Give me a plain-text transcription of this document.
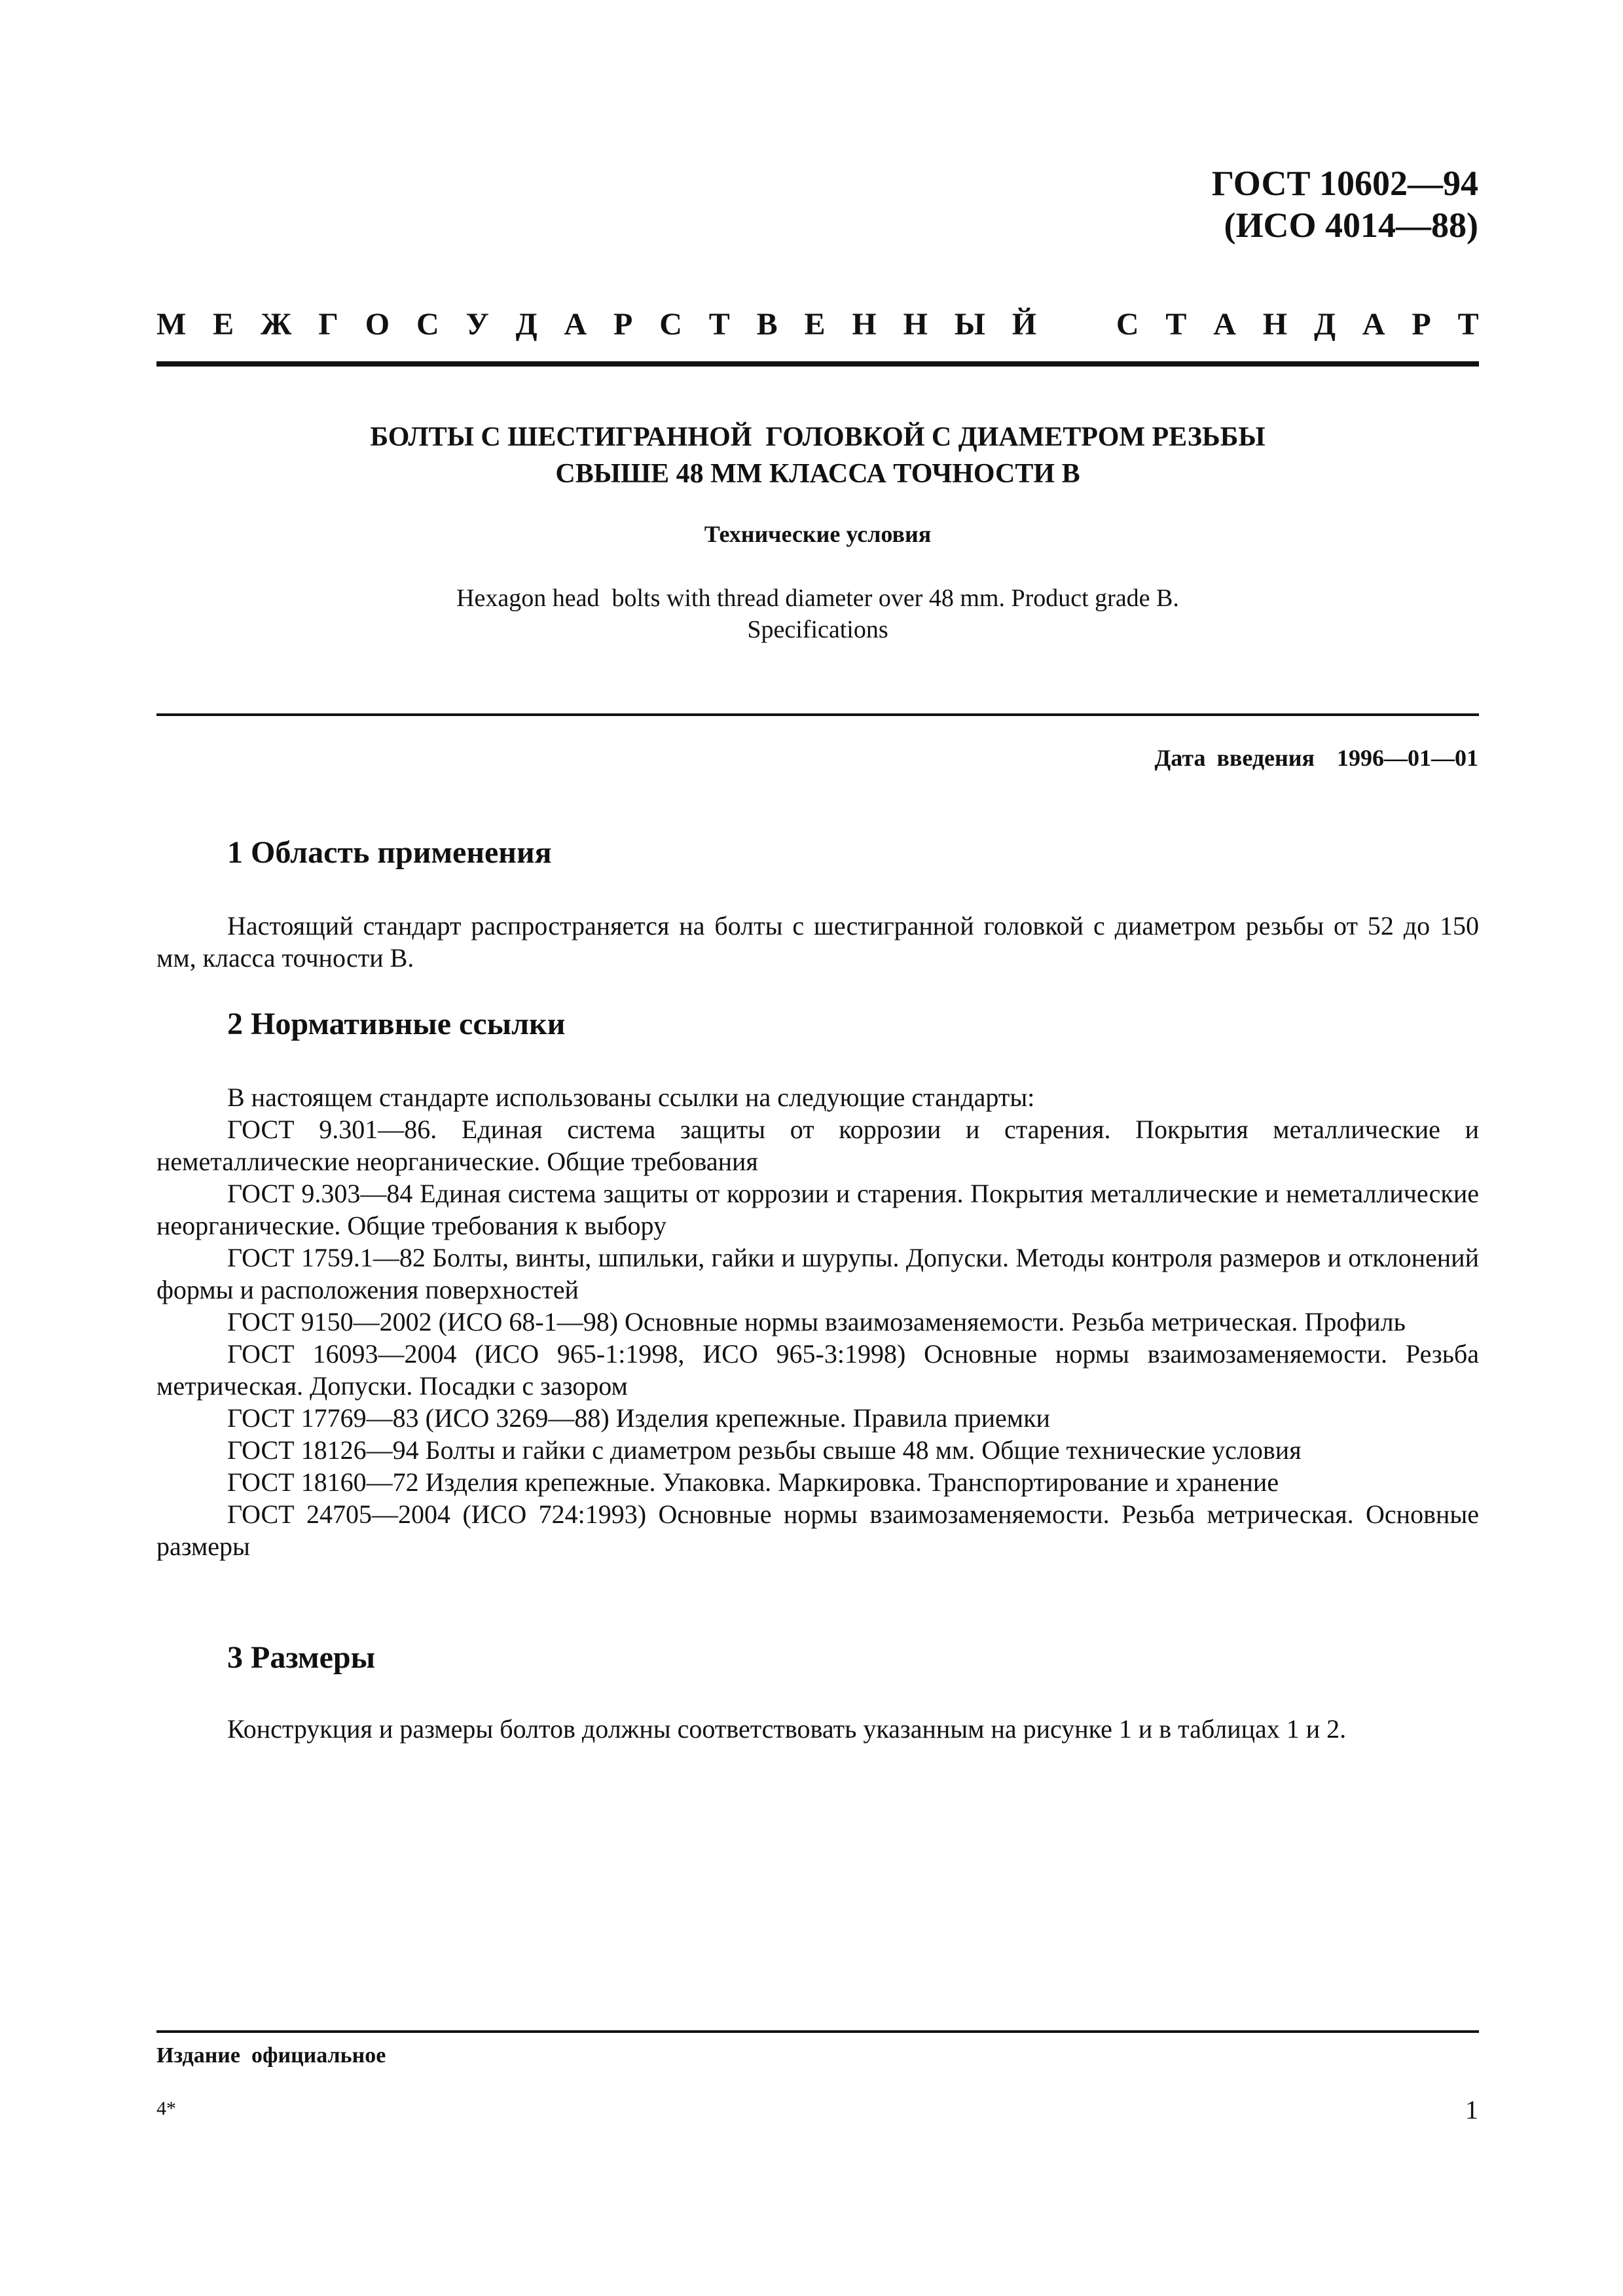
ГОСТ 10602—94
(ИСО 4014—88)
М Е Ж Г О С У Д А Р С Т В Е Н Н Ы Й	С Т А Н Д А Р Т
БОЛТЫ С ШЕСТИГРАННОЙ  ГОЛОВКОЙ С ДИАМЕТРОМ РЕЗЬБЫ
СВЫШЕ 48 ММ КЛАССА ТОЧНОСТИ В
Технические условия
Hexagon head  bolts with thread diameter over 48 mm. Product grade B.
Specifications
Дата введения  1996—01—01
1 Область применения

Настоящий стандарт распространяется на болты с шестигранной головкой с диаметром резьбы от 52 до 150 мм, класса точности В.

2 Нормативные ссылки

В настоящем стандарте использованы ссылки на следующие стандарты:

ГОСТ 9.301—86. Единая система защиты от коррозии и старения. Покрытия металлические и неметаллические неорганические. Общие требования

ГОСТ 9.303—84 Единая система защиты от коррозии и старения. Покрытия металлические и неметаллические неорганические. Общие требования к выбору

ГОСТ 1759.1—82 Болты, винты, шпильки, гайки и шурупы. Допуски. Методы контроля размеров и отклонений формы и расположения поверхностей

ГОСТ 9150—2002 (ИСО 68-1—98) Основные нормы взаимозаменяемости. Резьба метрическая. Профиль

ГОСТ 16093—2004 (ИСО 965-1:1998, ИСО 965-3:1998) Основные нормы взаимозаменяемости. Резьба метрическая. Допуски. Посадки с зазором

ГОСТ 17769—83 (ИСО 3269—88) Изделия крепежные. Правила приемки

ГОСТ 18126—94 Болты и гайки с диаметром резьбы свыше 48 мм. Общие технические условия

ГОСТ 18160—72 Изделия крепежные. Упаковка. Маркировка. Транспортирование и хранение

ГОСТ 24705—2004 (ИСО 724:1993) Основные нормы взаимозаменяемости. Резьба метрическая. Основные размеры

3 Размеры

Конструкция и размеры болтов должны соответствовать указанным на рисунке 1 и в таблицах 1 и 2.

Издание  официальное
4*	1
